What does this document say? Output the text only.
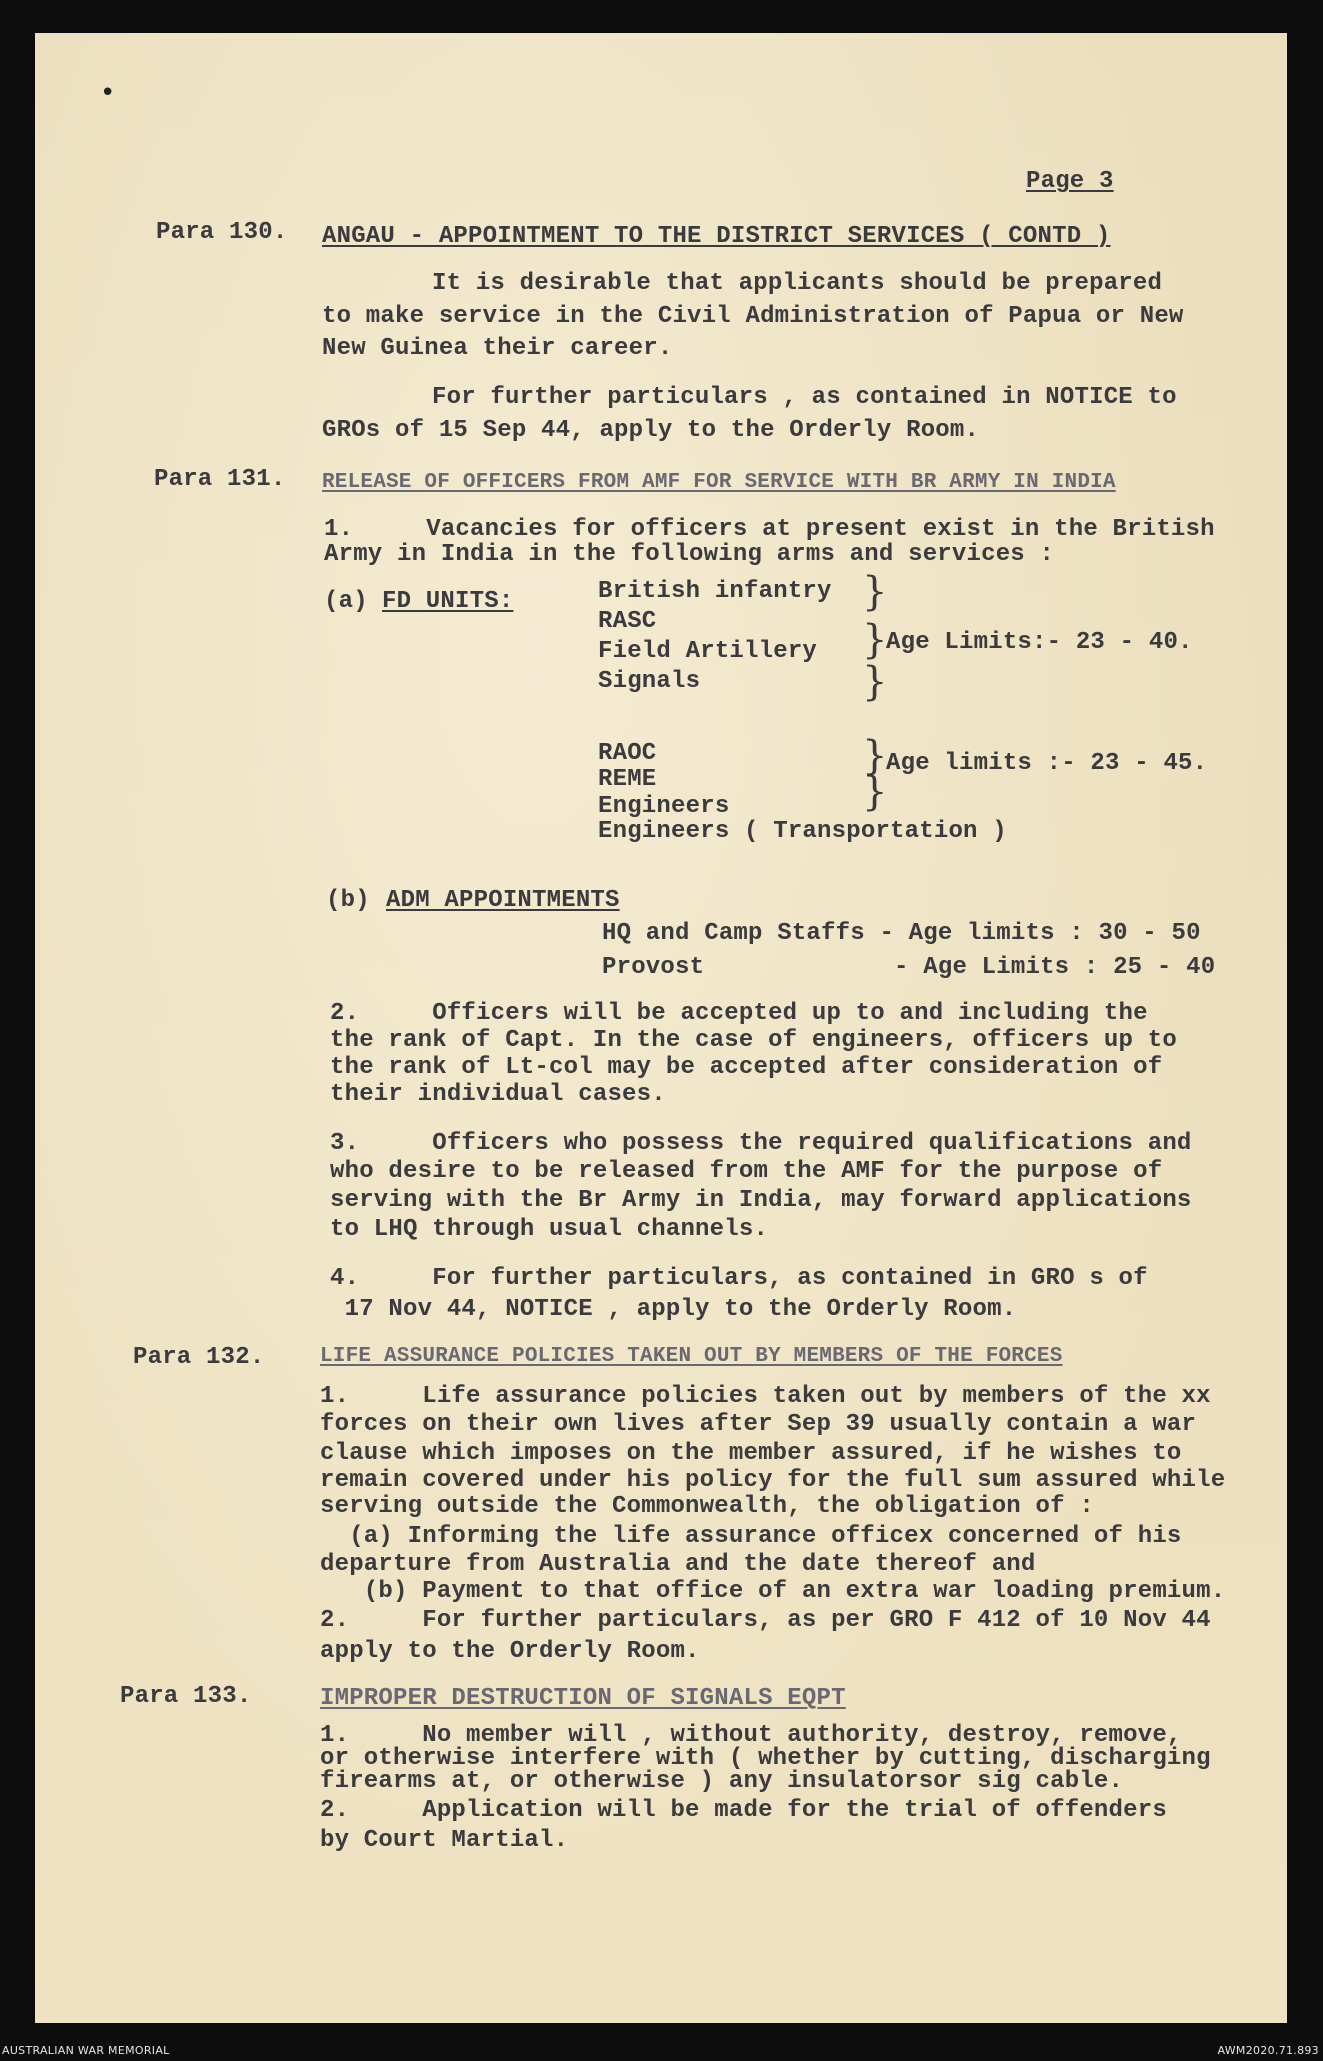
•
Page 3
Para 130. ANGAU - APPOINTMENT TO THE DISTRICT SERVICES ( CONTD )
It is desirable that applicants should be prepared
to make service in the Civil Administration of Papua or New
New Guinea their career.
For further particulars , as contained in NOTICE to
GROs of 15 Sep 44, apply to the Orderly Room.
Para 131. RELEASE OF OFFICERS FROM AMF FOR SERVICE WITH BR ARMY IN INDIA
1.     Vacancies for officers at present exist in the British
Army in India in the following arms and services :
(a) FD UNITS:	British infantry
RASC
Field Artillery
Signals
}
}
}
Age Limits:- 23 - 40.
RAOC
REME
Engineers
Engineers ( Transportation )
}
}
Age limits :- 23 - 45.
(b) ADM APPOINTMENTS
HQ and Camp Staffs - Age limits : 30 - 50
Provost             - Age Limits : 25 - 40
2.     Officers will be accepted up to and including the
the rank of Capt. In the case of engineers, officers up to
the rank of Lt-col may be accepted after consideration of
their individual cases.
3.     Officers who possess the required qualifications and
who desire to be released from the AMF for the purpose of
serving with the Br Army in India, may forward applications
to LHQ through usual channels.
4.     For further particulars, as contained in GRO s of
17 Nov 44, NOTICE , apply to the Orderly Room.
Para 132.	LIFE ASSURANCE POLICIES TAKEN OUT BY MEMBERS OF THE FORCES
1.     Life assurance policies taken out by members of the xx
forces on their own lives after Sep 39 usually contain a war
clause which imposes on the member assured, if he wishes to
remain covered under his policy for the full sum assured while
serving outside the Commonwealth, the obligation of :
(a) Informing the life assurance officex concerned of his
departure from Australia and the date thereof and
(b) Payment to that office of an extra war loading premium.
2.     For further particulars, as per GRO F 412 of 10 Nov 44
apply to the Orderly Room.
Para 133.	IMPROPER DESTRUCTION OF SIGNALS EQPT
1.     No member will , without authority, destroy, remove,
or otherwise interfere with ( whether by cutting, discharging
firearms at, or otherwise ) any insulatorsor sig cable.
2.     Application will be made for the trial of offenders
by Court Martial.
AUSTRALIAN WAR MEMORIAL	AWM2020.71.893
